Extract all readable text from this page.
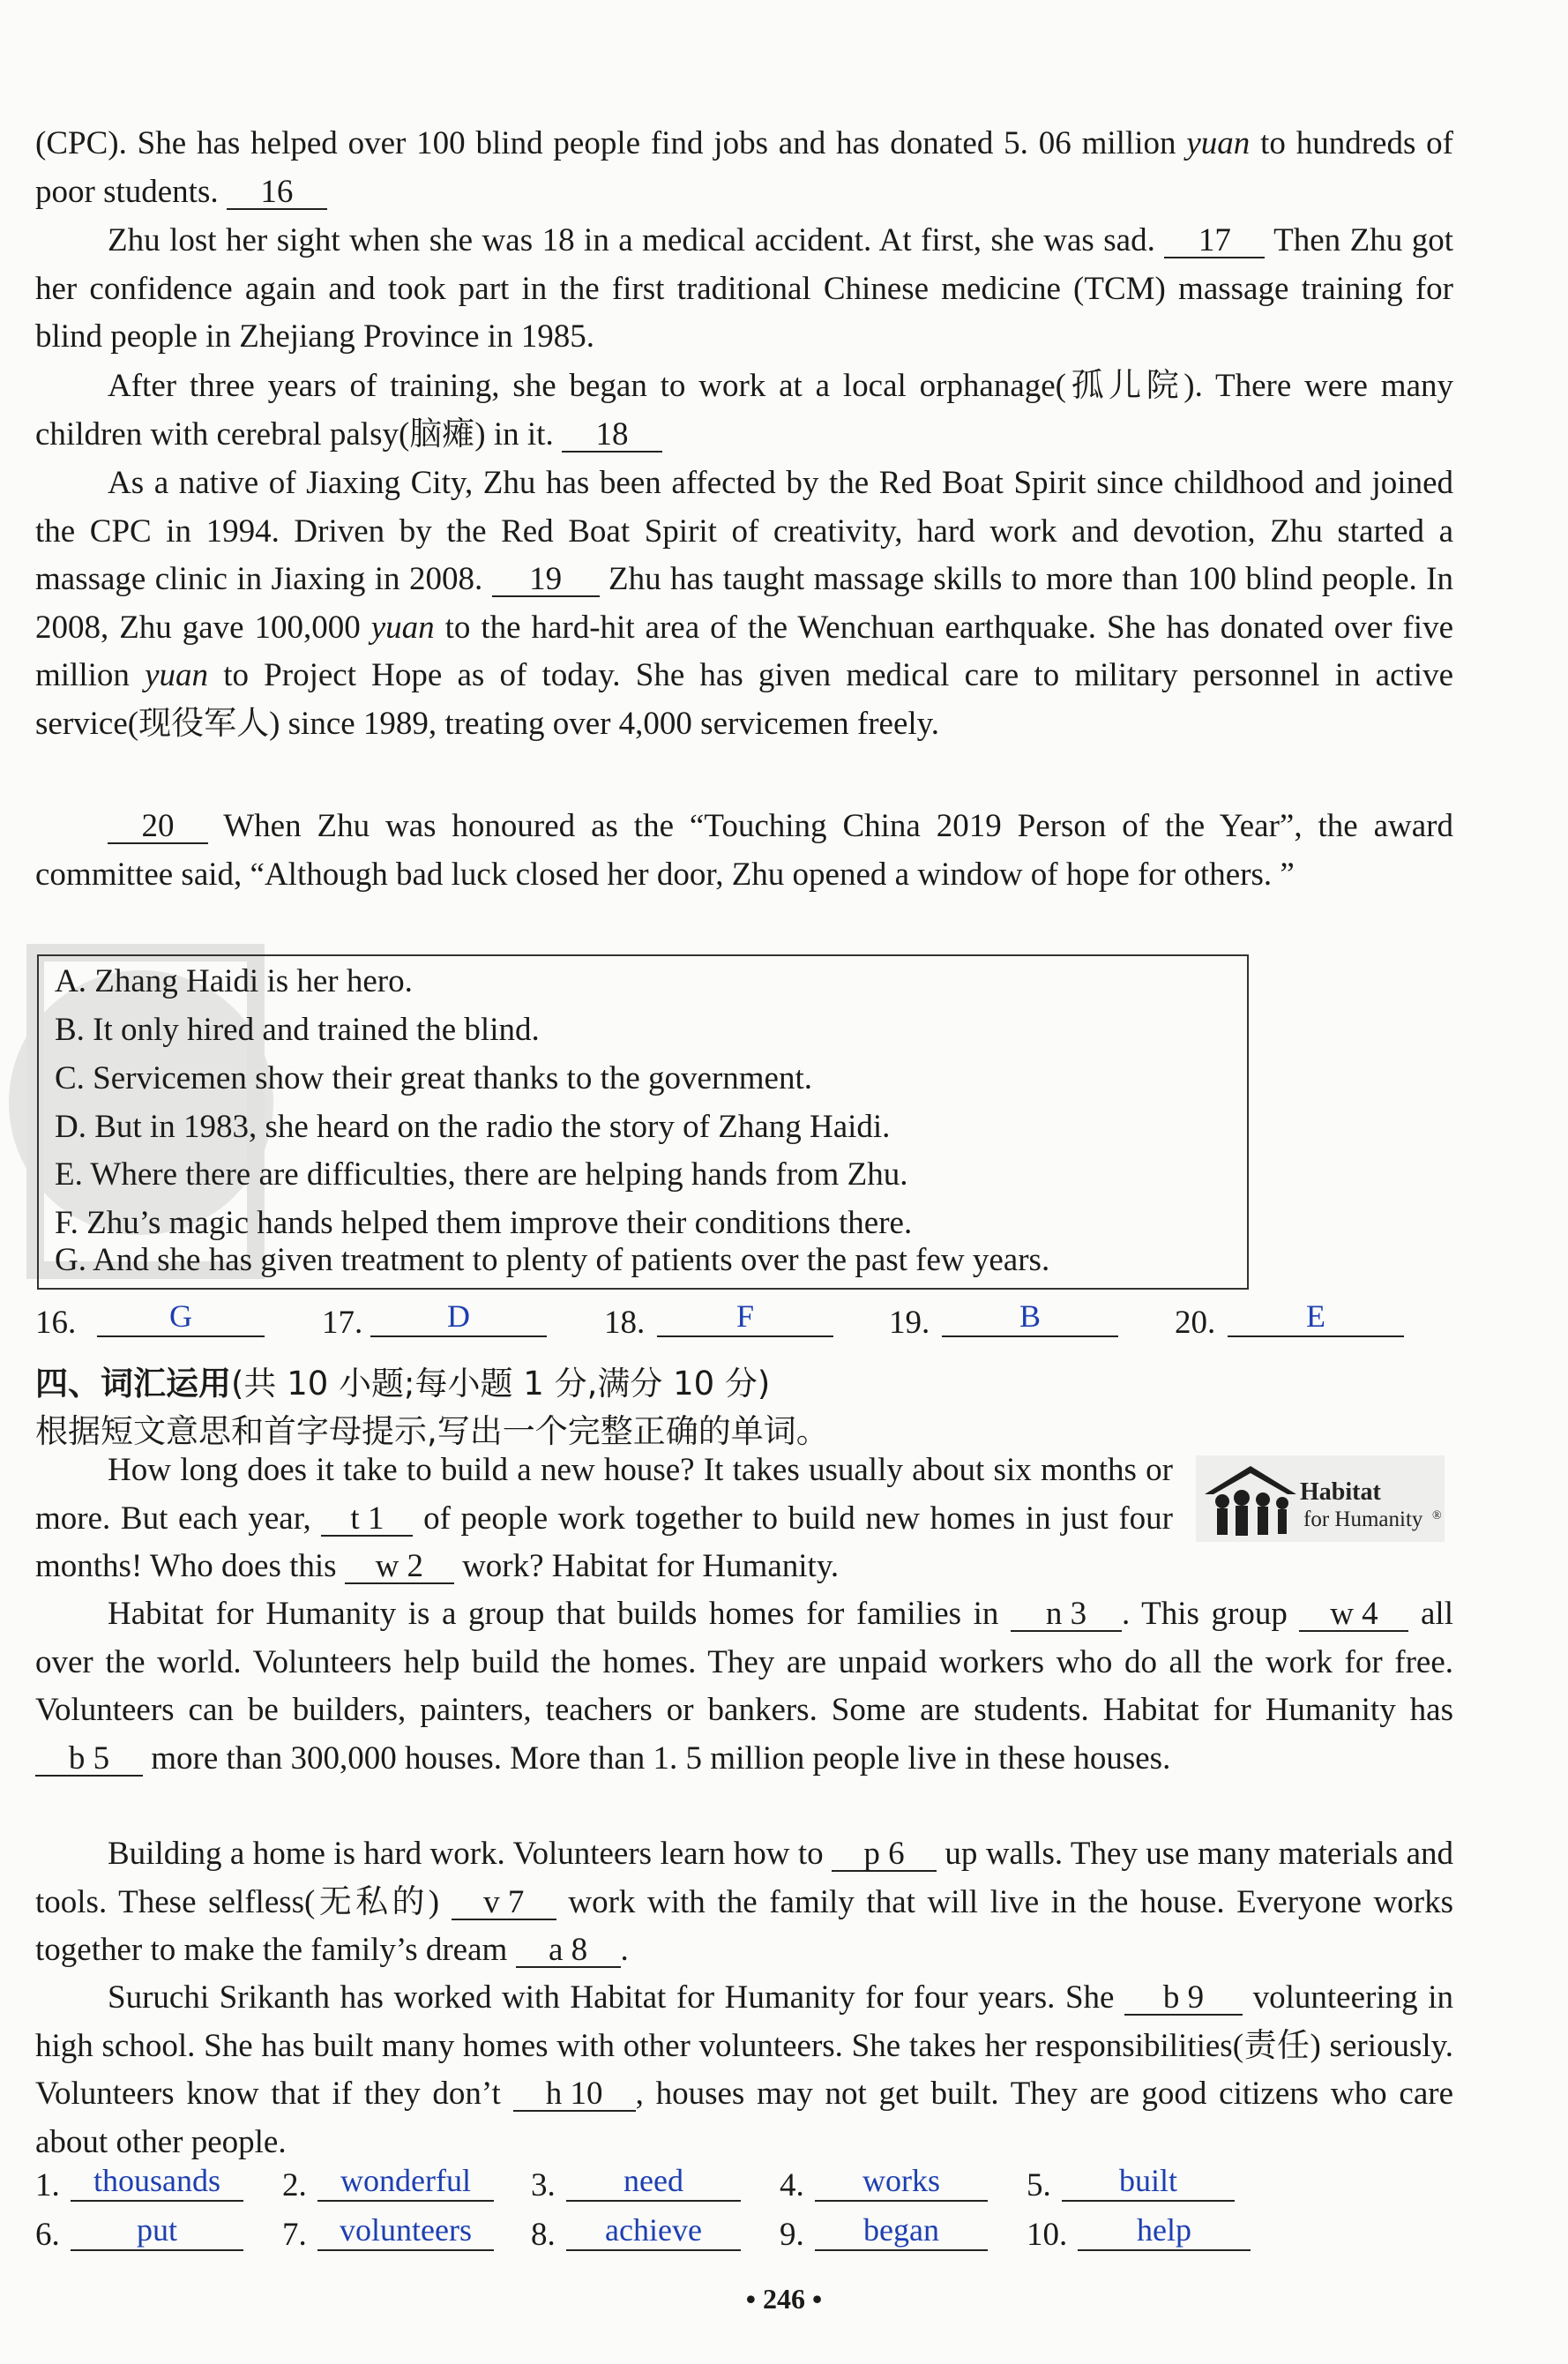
(CPC). She has helped over 100 blind people find jobs and has donated 5. 06 million yuan to hundreds of poor students. 16

Zhu lost her sight when she was 18 in a medical accident. At first, she was sad. 17 Then Zhu got her confidence again and took part in the first traditional Chinese medicine (TCM) massage training for blind people in Zhejiang Province in 1985.

After three years of training, she began to work at a local orphanage(孤儿院). There were many children with cerebral palsy(脑瘫) in it. 18

As a native of Jiaxing City, Zhu has been affected by the Red Boat Spirit since childhood and joined the CPC in 1994. Driven by the Red Boat Spirit of creativity, hard work and devotion, Zhu started a massage clinic in Jiaxing in 2008. 19 Zhu has taught massage skills to more than 100 blind people. In 2008, Zhu gave 100,000 yuan to the hard-hit area of the Wenchuan earthquake. She has donated over five million yuan to Project Hope as of today. She has given medical care to military personnel in active service(现役军人) since 1989, treating over 4,000 servicemen freely.

20 When Zhu was honoured as the “Touching China 2019 Person of the Year”, the award committee said, “Although bad luck closed her door, Zhu opened a window of hope for others. ”

A. Zhang Haidi is her hero.
B. It only hired and trained the blind.
C. Servicemen show their great thanks to the government.
D. But in 1983, she heard on the radio the story of Zhang Haidi.
E. Where there are difficulties, there are helping hands from Zhu.
F. Zhu’s magic hands helped them improve their conditions there.
G. And she has given treatment to plenty of patients over the past few years.
16.	G	17.	D	18.	F	19.	B	20.	E
四、词汇运用(共 10 小题;每小题 1 分,满分 10 分)
根据短文意思和首字母提示,写出一个完整正确的单词。
Habitat
for Humanity ®

How long does it take to build a new house? It takes usually about six months or more. But each year, t 1 of people work together to build new homes in just four months! Who does this w 2 work? Habitat for Humanity.

Habitat for Humanity is a group that builds homes for families in n 3 . This group w 4 all over the world. Volunteers help build the homes. They are unpaid workers who do all the work for free. Volunteers can be builders, painters, teachers or bankers. Some are students. Habitat for Humanity has b 5 more than 300,000 houses. More than 1. 5 million people live in these houses.

Building a home is hard work. Volunteers learn how to p 6 up walls. They use many materials and tools. These selfless(无私的) v 7 work with the family that will live in the house. Everyone works together to make the family’s dream a 8 .

Suruchi Srikanth has worked with Habitat for Humanity for four years. She b 9 volunteering in high school. She has built many homes with other volunteers. She takes her responsibilities(责任) seriously. Volunteers know that if they don’t h 10 , houses may not get built. They are good citizens who care about other people.

1.	thousands	2.	wonderful	3.	need	4.	works	5.	built
6.	put	7.	volunteers	8.	achieve	9.	began	10.	help
• 246 •
